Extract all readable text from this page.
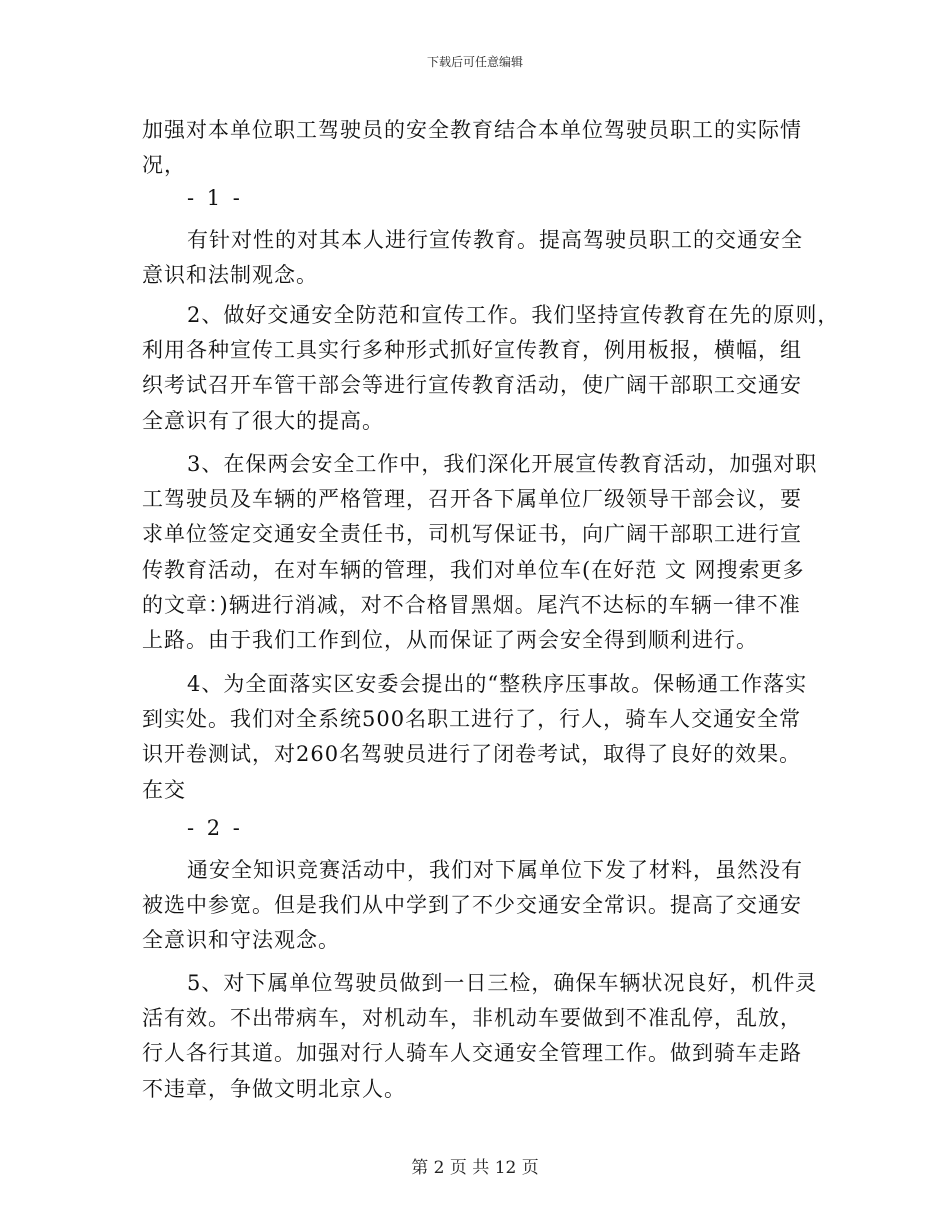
下载后可任意编辑
加强对本单位职工驾驶员的安全教育结合本单位驾驶员职工的实际情
况，
- 1 -
有针对性的对其本人进行宣传教育。提高驾驶员职工的交通安全
意识和法制观念。
2、做好交通安全防范和宣传工作。我们坚持宣传教育在先的原则，
利用各种宣传工具实行多种形式抓好宣传教育，例用板报，横幅，组
织考试召开车管干部会等进行宣传教育活动，使广阔干部职工交通安
全意识有了很大的提高。
3、在保两会安全工作中，我们深化开展宣传教育活动，加强对职
工驾驶员及车辆的严格管理，召开各下属单位厂级领导干部会议，要
求单位签定交通安全责任书，司机写保证书，向广阔干部职工进行宣
传教育活动，在对车辆的管理，我们对单位车(在好范 文 网搜索更多
的文章：)辆进行消减，对不合格冒黑烟。尾汽不达标的车辆一律不准
上路。由于我们工作到位，从而保证了两会安全得到顺利进行。
4、为全面落实区安委会提出的“整秩序压事故。保畅通工作落实
到实处。我们对全系统500名职工进行了，行人，骑车人交通安全常
识开卷测试，对260名驾驶员进行了闭卷考试，取得了良好的效果。
在交
- 2 -
通安全知识竞赛活动中，我们对下属单位下发了材料，虽然没有
被选中参宽。但是我们从中学到了不少交通安全常识。提高了交通安
全意识和守法观念。
5、对下属单位驾驶员做到一日三检，确保车辆状况良好，机件灵
活有效。不出带病车，对机动车，非机动车要做到不准乱停，乱放，
行人各行其道。加强对行人骑车人交通安全管理工作。做到骑车走路
不违章，争做文明北京人。
第 2 页 共 12 页
